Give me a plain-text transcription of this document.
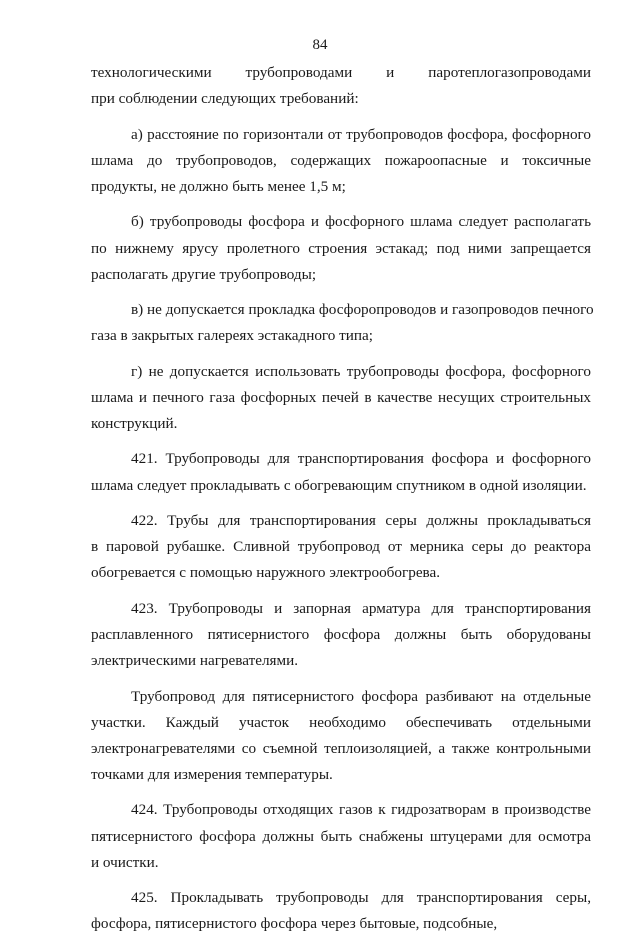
84
технологическими трубопроводами и паротеплогазопроводами
при соблюдении следующих требований:
а) расстояние по горизонтали от трубопроводов фосфора, фосфорного
шлама до трубопроводов, содержащих пожароопасные и токсичные
продукты, не должно быть менее 1,5 м;
б) трубопроводы фосфора и фосфорного шлама следует располагать
по нижнему ярусу пролетного строения эстакад; под ними запрещается
располагать другие трубопроводы;
в) не допускается прокладка фосфоропроводов и газопроводов печного
газа в закрытых галереях эстакадного типа;
г) не допускается использовать трубопроводы фосфора, фосфорного
шлама и печного газа фосфорных печей в качестве несущих строительных
конструкций.
421. Трубопроводы для транспортирования фосфора и фосфорного
шлама следует прокладывать с обогревающим спутником в одной изоляции.
422. Трубы для транспортирования серы должны прокладываться
в паровой рубашке. Сливной трубопровод от мерника серы до реактора
обогревается с помощью наружного электрообогрева.
423. Трубопроводы и запорная арматура для транспортирования
расплавленного пятисернистого фосфора должны быть оборудованы
электрическими нагревателями.
Трубопровод для пятисернистого фосфора разбивают на отдельные
участки. Каждый участок необходимо обеспечивать отдельными
электронагревателями со съемной теплоизоляцией, а также контрольными
точками для измерения температуры.
424. Трубопроводы отходящих газов к гидрозатворам в производстве
пятисернистого фосфора должны быть снабжены штуцерами для осмотра
и очистки.
425. Прокладывать трубопроводы для транспортирования серы,
фосфора, пятисернистого фосфора через бытовые, подсобные,
